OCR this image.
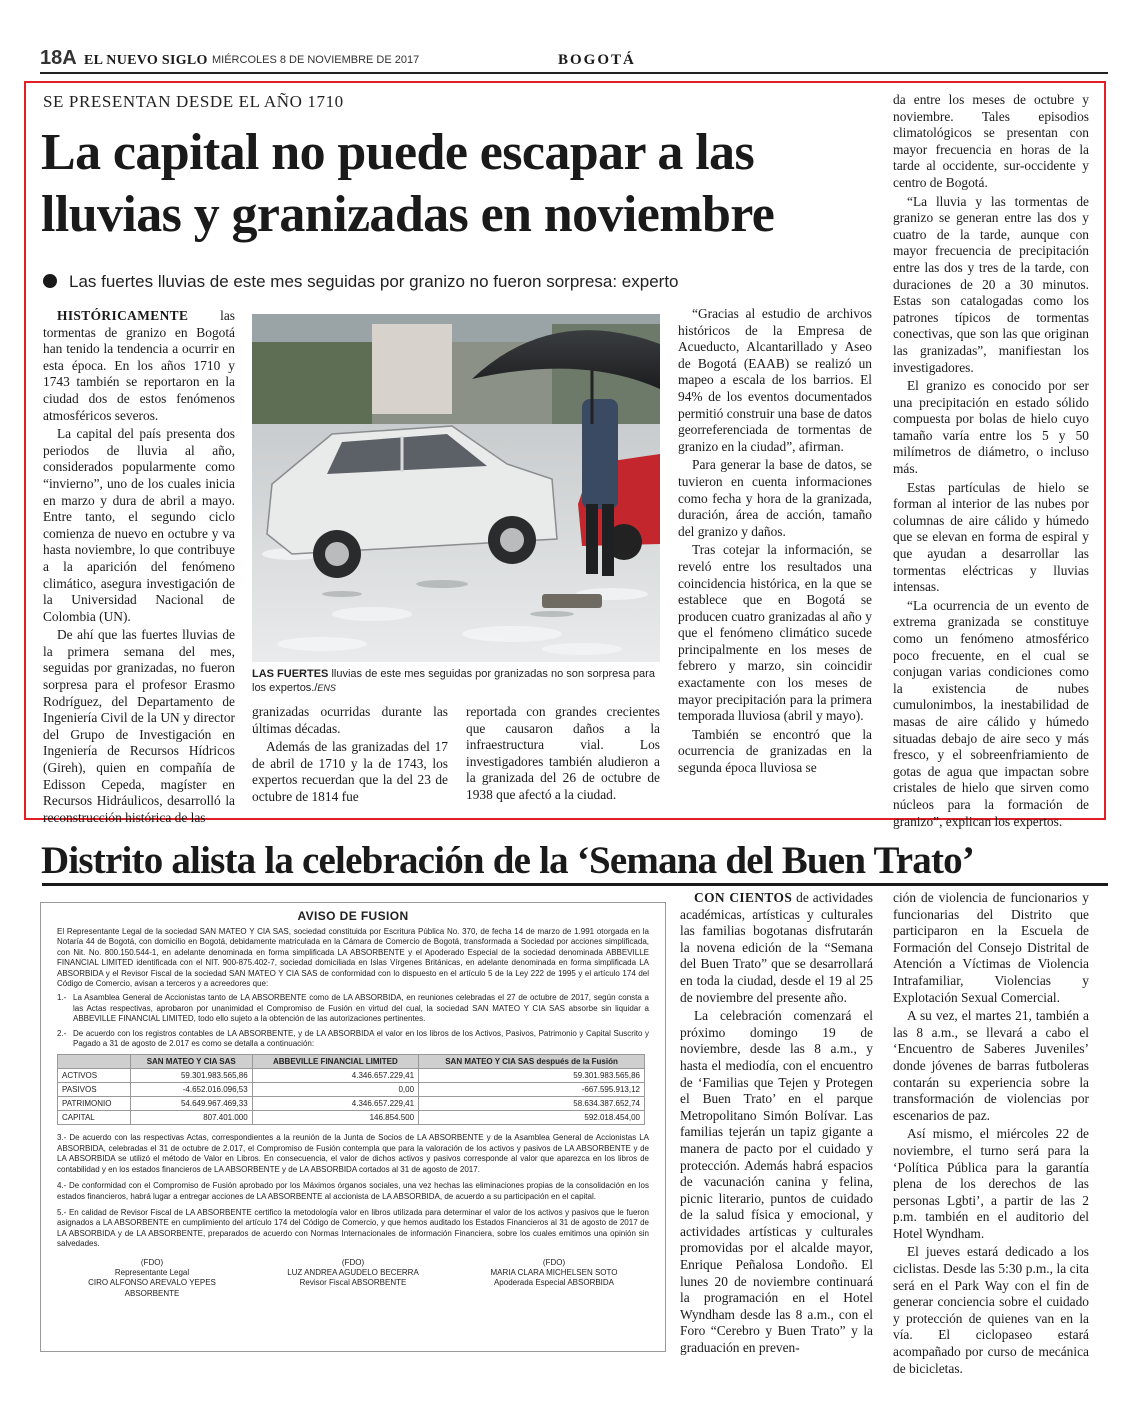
18A EL NUEVO SIGLO MIÉRCOLES 8 DE NOVIEMBRE DE 2017	BOGOTÁ
SE PRESENTAN DESDE EL AÑO 1710
La capital no puede escapar a las lluvias y granizadas en noviembre
Las fuertes lluvias de este mes seguidas por granizo no fueron sorpresa: experto

HISTÓRICAMENTE las tormentas de granizo en Bogotá han tenido la tendencia a ocurrir en esta época. En los años 1710 y 1743 también se reportaron en la ciudad dos de estos fenómenos atmosféricos severos.

La capital del país presenta dos periodos de lluvia al año, considerados popularmente como “invierno”, uno de los cuales inicia en marzo y dura de abril a mayo. Entre tanto, el segundo ciclo comienza de nuevo en octubre y va hasta noviembre, lo que contribuye a la aparición del fenómeno climático, asegura investigación de la Universidad Nacional de Colombia (UN).

De ahí que las fuertes lluvias de la primera semana del mes, seguidas por granizadas, no fueron sorpresa para el profesor Erasmo Rodríguez, del Departamento de Ingeniería Civil de la UN y director del Grupo de Investigación en Ingeniería de Recursos Hídricos (Gireh), quien en compañía de Edisson Cepeda, magíster en Recursos Hidráulicos, desarrolló la reconstrucción histórica de las

LAS FUERTES lluvias de este mes seguidas por granizadas no son sorpresa para los expertos./ENS

granizadas ocurridas durante las últimas décadas.

Además de las granizadas del 17 de abril de 1710 y la de 1743, los expertos recuerdan que la del 23 de octubre de 1814 fue

reportada con grandes crecientes que causaron daños a la infraestructura vial. Los investigadores también aludieron a la granizada del 26 de octubre de 1938 que afectó a la ciudad.

“Gracias al estudio de archivos históricos de la Empresa de Acueducto, Alcantarillado y Aseo de Bogotá (EAAB) se realizó un mapeo a escala de los barrios. El 94% de los eventos documentados permitió construir una base de datos georreferenciada de tormentas de granizo en la ciudad”, afirman.

Para generar la base de datos, se tuvieron en cuenta informaciones como fecha y hora de la granizada, duración, área de acción, tamaño del granizo y daños.

Tras cotejar la información, se reveló entre los resultados una coincidencia histórica, en la que se establece que en Bogotá se producen cuatro granizadas al año y que el fenómeno climático sucede principalmente en los meses de febrero y marzo, sin coincidir exactamente con los meses de mayor precipitación para la primera temporada lluviosa (abril y mayo).

También se encontró que la ocurrencia de granizadas en la segunda época lluviosa se

da entre los meses de octubre y noviembre. Tales episodios climatológicos se presentan con mayor frecuencia en horas de la tarde al occidente, sur-occidente y centro de Bogotá.

“La lluvia y las tormentas de granizo se generan entre las dos y cuatro de la tarde, aunque con mayor frecuencia de precipitación entre las dos y tres de la tarde, con duraciones de 20 a 30 minutos. Estas son catalogadas como los patrones típicos de tormentas conectivas, que son las que originan las granizadas”, manifiestan los investigadores.

El granizo es conocido por ser una precipitación en estado sólido compuesta por bolas de hielo cuyo tamaño varía entre los 5 y 50 milímetros de diámetro, o incluso más.

Estas partículas de hielo se forman al interior de las nubes por columnas de aire cálido y húmedo que se elevan en forma de espiral y que ayudan a desarrollar las tormentas eléctricas y lluvias intensas.

“La ocurrencia de un evento de extrema granizada se constituye como un fenómeno atmosférico poco frecuente, en el cual se conjugan varias condiciones como la existencia de nubes cumulonimbos, la inestabilidad de masas de aire cálido y húmedo situadas debajo de aire seco y más fresco, y el sobreenfriamiento de gotas de agua que impactan sobre cristales de hielo que sirven como núcleos para la formación de granizo”, explican los expertos.

Distrito alista la celebración de la ‘Semana del Buen Trato’
AVISO DE FUSION
El Representante Legal de la sociedad SAN MATEO Y CIA SAS, sociedad constituida por Escritura Pública No. 370, de fecha 14 de marzo de 1.991 otorgada en la Notaría 44 de Bogotá, con domicilio en Bogotá, debidamente matriculada en la Cámara de Comercio de Bogotá, transformada a Sociedad por acciones simplificada, con Nit. No. 800.150.544-1, en adelante denominada en forma simplificada LA ABSORBENTE y el Apoderado Especial de la sociedad denominada ABBEVILLE FINANCIAL LIMITED identificada con el NIT. 900-875.402-7, sociedad domiciliada en Islas Vírgenes Británicas, en adelante denominada en forma simplificada LA ABSORBIDA y el Revisor Fiscal de la sociedad SAN MATEO Y CIA SAS de conformidad con lo dispuesto en el artículo 5 de la Ley 222 de 1995 y el artículo 174 del Código de Comercio, avisan a terceros y a acreedores que:
1.- La Asamblea General de Accionistas tanto de LA ABSORBENTE como de LA ABSORBIDA, en reuniones celebradas el 27 de octubre de 2017, según consta a las Actas respectivas, aprobaron por unanimidad el Compromiso de Fusión en virtud del cual, la sociedad SAN MATEO Y CIA SAS absorbe sin liquidar a ABBEVILLE FINANCIAL LIMITED, todo ello sujeto a la obtención de las autorizaciones pertinentes.
2.- De acuerdo con los registros contables de LA ABSORBENTE, y de LA ABSORBIDA el valor en los libros de los Activos, Pasivos, Patrimonio y Capital Suscrito y Pagado a 31 de agosto de 2.017 es como se detalla a continuación:
	SAN MATEO Y CIA SAS	ABBEVILLE FINANCIAL LIMITED	SAN MATEO Y CIA SAS después de la Fusión
ACTIVOS	59.301.983.565,86	4.346.657.229,41	59.301.983.565,86
PASIVOS	-4.652.016.096,53	0,00	-667.595.913,12
PATRIMONIO	54.649.967.469,33	4.346.657.229,41	58.634.387.652,74
CAPITAL	807.401.000	146.854.500	592.018.454,00
3.- De acuerdo con las respectivas Actas, correspondientes a la reunión de la Junta de Socios de LA ABSORBENTE y de la Asamblea General de Accionistas LA ABSORBIDA, celebradas el 31 de octubre de 2.017, el Compromiso de Fusión contempla que para la valoración de los activos y pasivos de LA ABSORBENTE y de LA ABSORBIDA se utilizó el método de Valor en Libros. En consecuencia, el valor de dichos activos y pasivos corresponde al valor que aparezca en los libros de contabilidad y en los estados financieros de LA ABSORBENTE y de LA ABSORBIDA cortados al 31 de agosto de 2017.
4.- De conformidad con el Compromiso de Fusión aprobado por los Máximos órganos sociales, una vez hechas las eliminaciones propias de la consolidación en los estados financieros, habrá lugar a entregar acciones de LA ABSORBENTE al accionista de LA ABSORBIDA, de acuerdo a su participación en el capital.
5.- En calidad de Revisor Fiscal de LA ABSORBENTE certifico la metodología valor en libros utilizada para determinar el valor de los activos y pasivos que le fueron asignados a LA ABSORBENTE en cumplimiento del artículo 174 del Código de Comercio, y que hemos auditado los Estados Financieros al 31 de agosto de 2017 de LA ABSORBIDA y de LA ABSORBENTE, preparados de acuerdo con Normas Internacionales de información Financiera, sobre los cuales emitimos una opinión sin salvedades.
(FDO)
Representante Legal
CIRO ALFONSO AREVALO YEPES
ABSORBENTE
(FDO)
LUZ ANDREA AGUDELO BECERRA
Revisor Fiscal ABSORBENTE
(FDO)
MARIA CLARA MICHELSEN SOTO
Apoderada Especial ABSORBIDA

CON CIENTOS de actividades académicas, artísticas y culturales las familias bogotanas disfrutarán la novena edición de la “Semana del Buen Trato” que se desarrollará en toda la ciudad, desde el 19 al 25 de noviembre del presente año.

La celebración comenzará el próximo domingo 19 de noviembre, desde las 8 a.m., y hasta el mediodía, con el encuentro de ‘Familias que Tejen y Protegen el Buen Trato’ en el parque Metropolitano Simón Bolívar. Las familias tejerán un tapiz gigante a manera de pacto por el cuidado y protección. Además habrá espacios de vacunación canina y felina, picnic literario, puntos de cuidado de la salud física y emocional, y actividades artísticas y culturales promovidas por el alcalde mayor, Enrique Peñalosa Londoño. El lunes 20 de noviembre continuará la programación en el Hotel Wyndham desde las 8 a.m., con el Foro “Cerebro y Buen Trato” y la graduación en preven-

ción de violencia de funcionarios y funcionarias del Distrito que participaron en la Escuela de Formación del Consejo Distrital de Atención a Víctimas de Violencia Intrafamiliar, Violencias y Explotación Sexual Comercial.

A su vez, el martes 21, también a las 8 a.m., se llevará a cabo el ‘Encuentro de Saberes Juveniles’ donde jóvenes de barras futboleras contarán su experiencia sobre la transformación de violencias por escenarios de paz.

Así mismo, el miércoles 22 de noviembre, el turno será para la ‘Política Pública para la garantía plena de los derechos de las personas Lgbti’, a partir de las 2 p.m. también en el auditorio del Hotel Wyndham.

El jueves estará dedicado a los ciclistas. Desde las 5:30 p.m., la cita será en el Park Way con el fin de generar conciencia sobre el cuidado y protección de quienes van en la vía. El ciclopaseo estará acompañado por curso de mecánica de bicicletas.
